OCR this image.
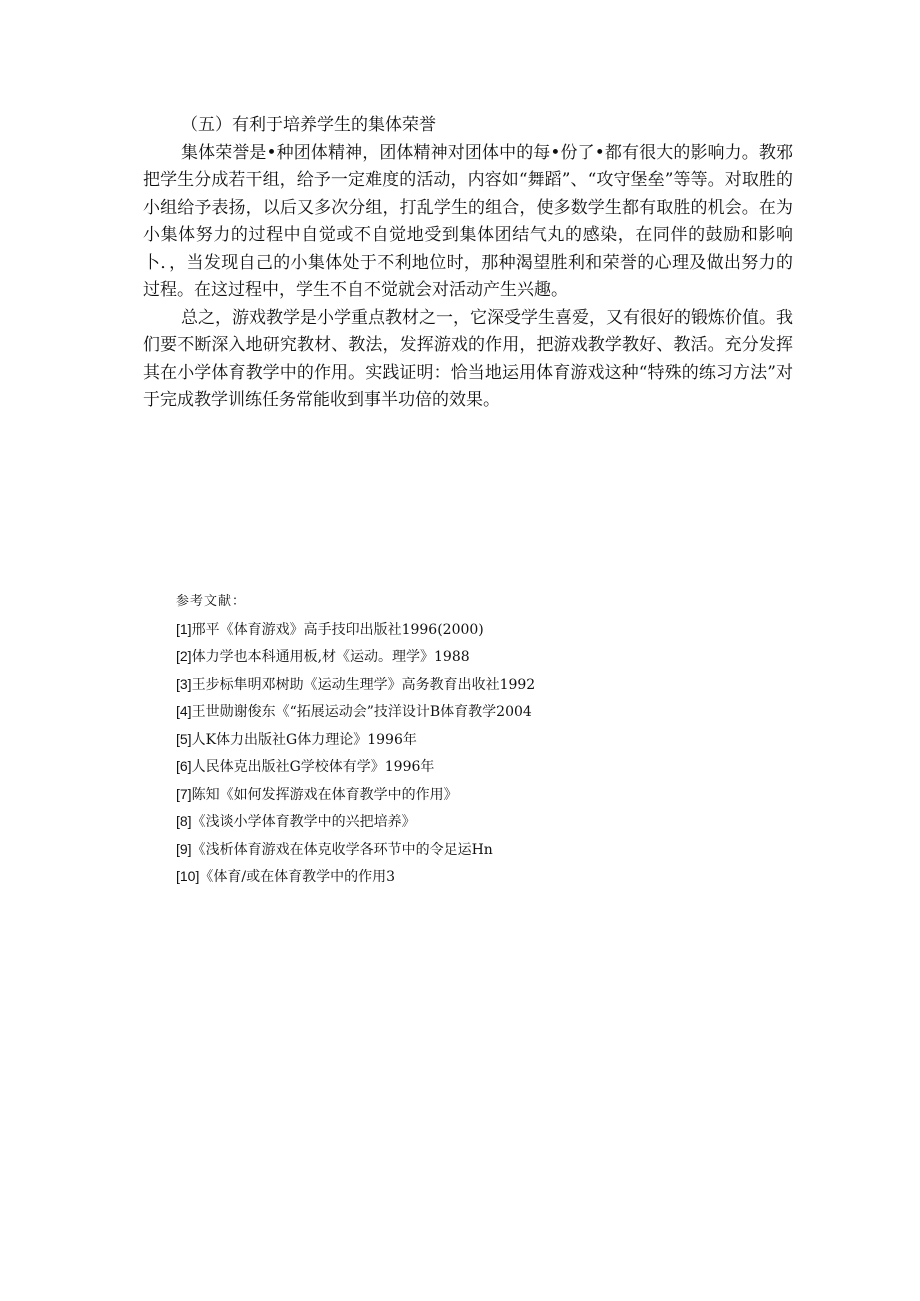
（五）有利于培养学生的集体荣誉

集体荣誉是•种团体精神，团体精神对团体中的每•份了•都有很大的影响力。教邪把学生分成若干组，给予一定难度的活动，内容如“舞蹈”、“攻守堡垒”等等。对取胜的小组给予表扬，以后又多次分组，打乱学生的组合，使多数学生都有取胜的机会。在为小集体努力的过程中自觉或不自觉地受到集体团结气丸的感染，在同伴的鼓励和影响卜．，当发现自己的小集体处于不利地位时，那种渴望胜利和荣誉的心理及做出努力的过程。在这过程中，学生不自不觉就会对活动产生兴趣。

总之，游戏教学是小学重点教材之一，它深受学生喜爱，又有很好的锻炼价值。我们要不断深入地研究教材、教法，发挥游戏的作用，把游戏教学教好、教活。充分发挥其在小学体育教学中的作用。实践证明：恰当地运用体育游戏这种“特殊的练习方法”对于完成教学训练任务常能收到事半功倍的效果。

参考文献：

[1]邢平《体育游戏》高手技印出版社1996(2000)
[2]体力学也本科通用板,材《运动。理学》1988
[3]王步标隼明邓树助《运动生理学》高务教育出收社1992
[4]王世勋谢俊东《“拓展运动会”技洋设计B体育教学2004
[5]人K体力出版社G体力理论》1996年
[6]人民体克出版社G学校体有学》1996年
[7]陈知《如何发挥游戏在体育教学中的作用》
[8]《浅谈小学体育教学中的兴把培养》
[9]《浅析体育游戏在体克收学各环节中的令足运Hn
[10]《体育/或在体育教学中的作用3
